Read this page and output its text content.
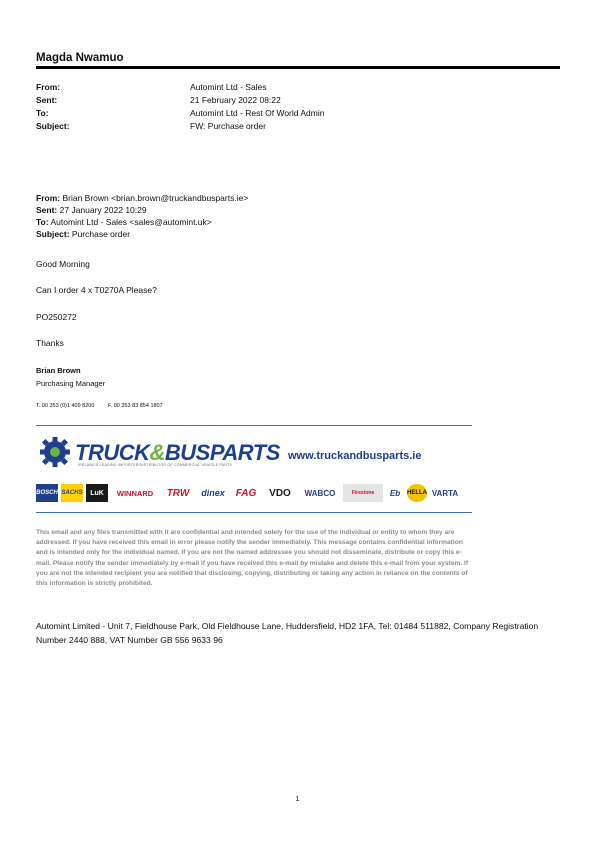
Magda Nwamuo
From:	Automint Ltd - Sales
Sent:	21 February 2022 08:22
To:	Automint Ltd - Rest Of World Admin
Subject:	FW: Purchase order
From: Brian Brown <brian.brown@truckandbusparts.ie>
Sent: 27 January 2022 10:29
To: Automint Ltd - Sales <sales@automint.uk>
Subject: Purchase order
Good Morning
Can I order 4 x T0270A Please?
PO250272
Thanks
Brian Brown
Purchasing Manager
T. 00 353 (0)1 409 8200 F. 00 353 83 854 1807
TRUCK&BUSPARTS
IRELAND'S LEADING IMPORTER/DISTRIBUTOR OF COMMERCIAL VEHICLE PARTS
www.truckandbusparts.ie
BOSCH SACHS	LuK	WINNARD	TRW	dinex	FAG	VDO	WABCO	Firestone	Eb	HELLA VARTA
This email and any files transmitted with it are confidential and intended solely for the use of the individual or entity to whom they are addressed. If you have received this email in error please notify the sender immediately. This message contains confidential information and is intended only for the individual named. If you are not the named addressee you should not disseminate, distribute or copy this e-mail. Please notify the sender immediately by e-mail if you have received this e-mail by mistake and delete this e-mail from your system. If you are not the intended recipient you are notified that disclosing, copying, distributing or taking any action in reliance on the contents of this information is strictly prohibited.
Automint Limited - Unit 7, Fieldhouse Park, Old Fieldhouse Lane, Huddersfield, HD2 1FA, Tel: 01484 511882, Company Registration Number 2440 888, VAT Number GB 556 9633 96
1
